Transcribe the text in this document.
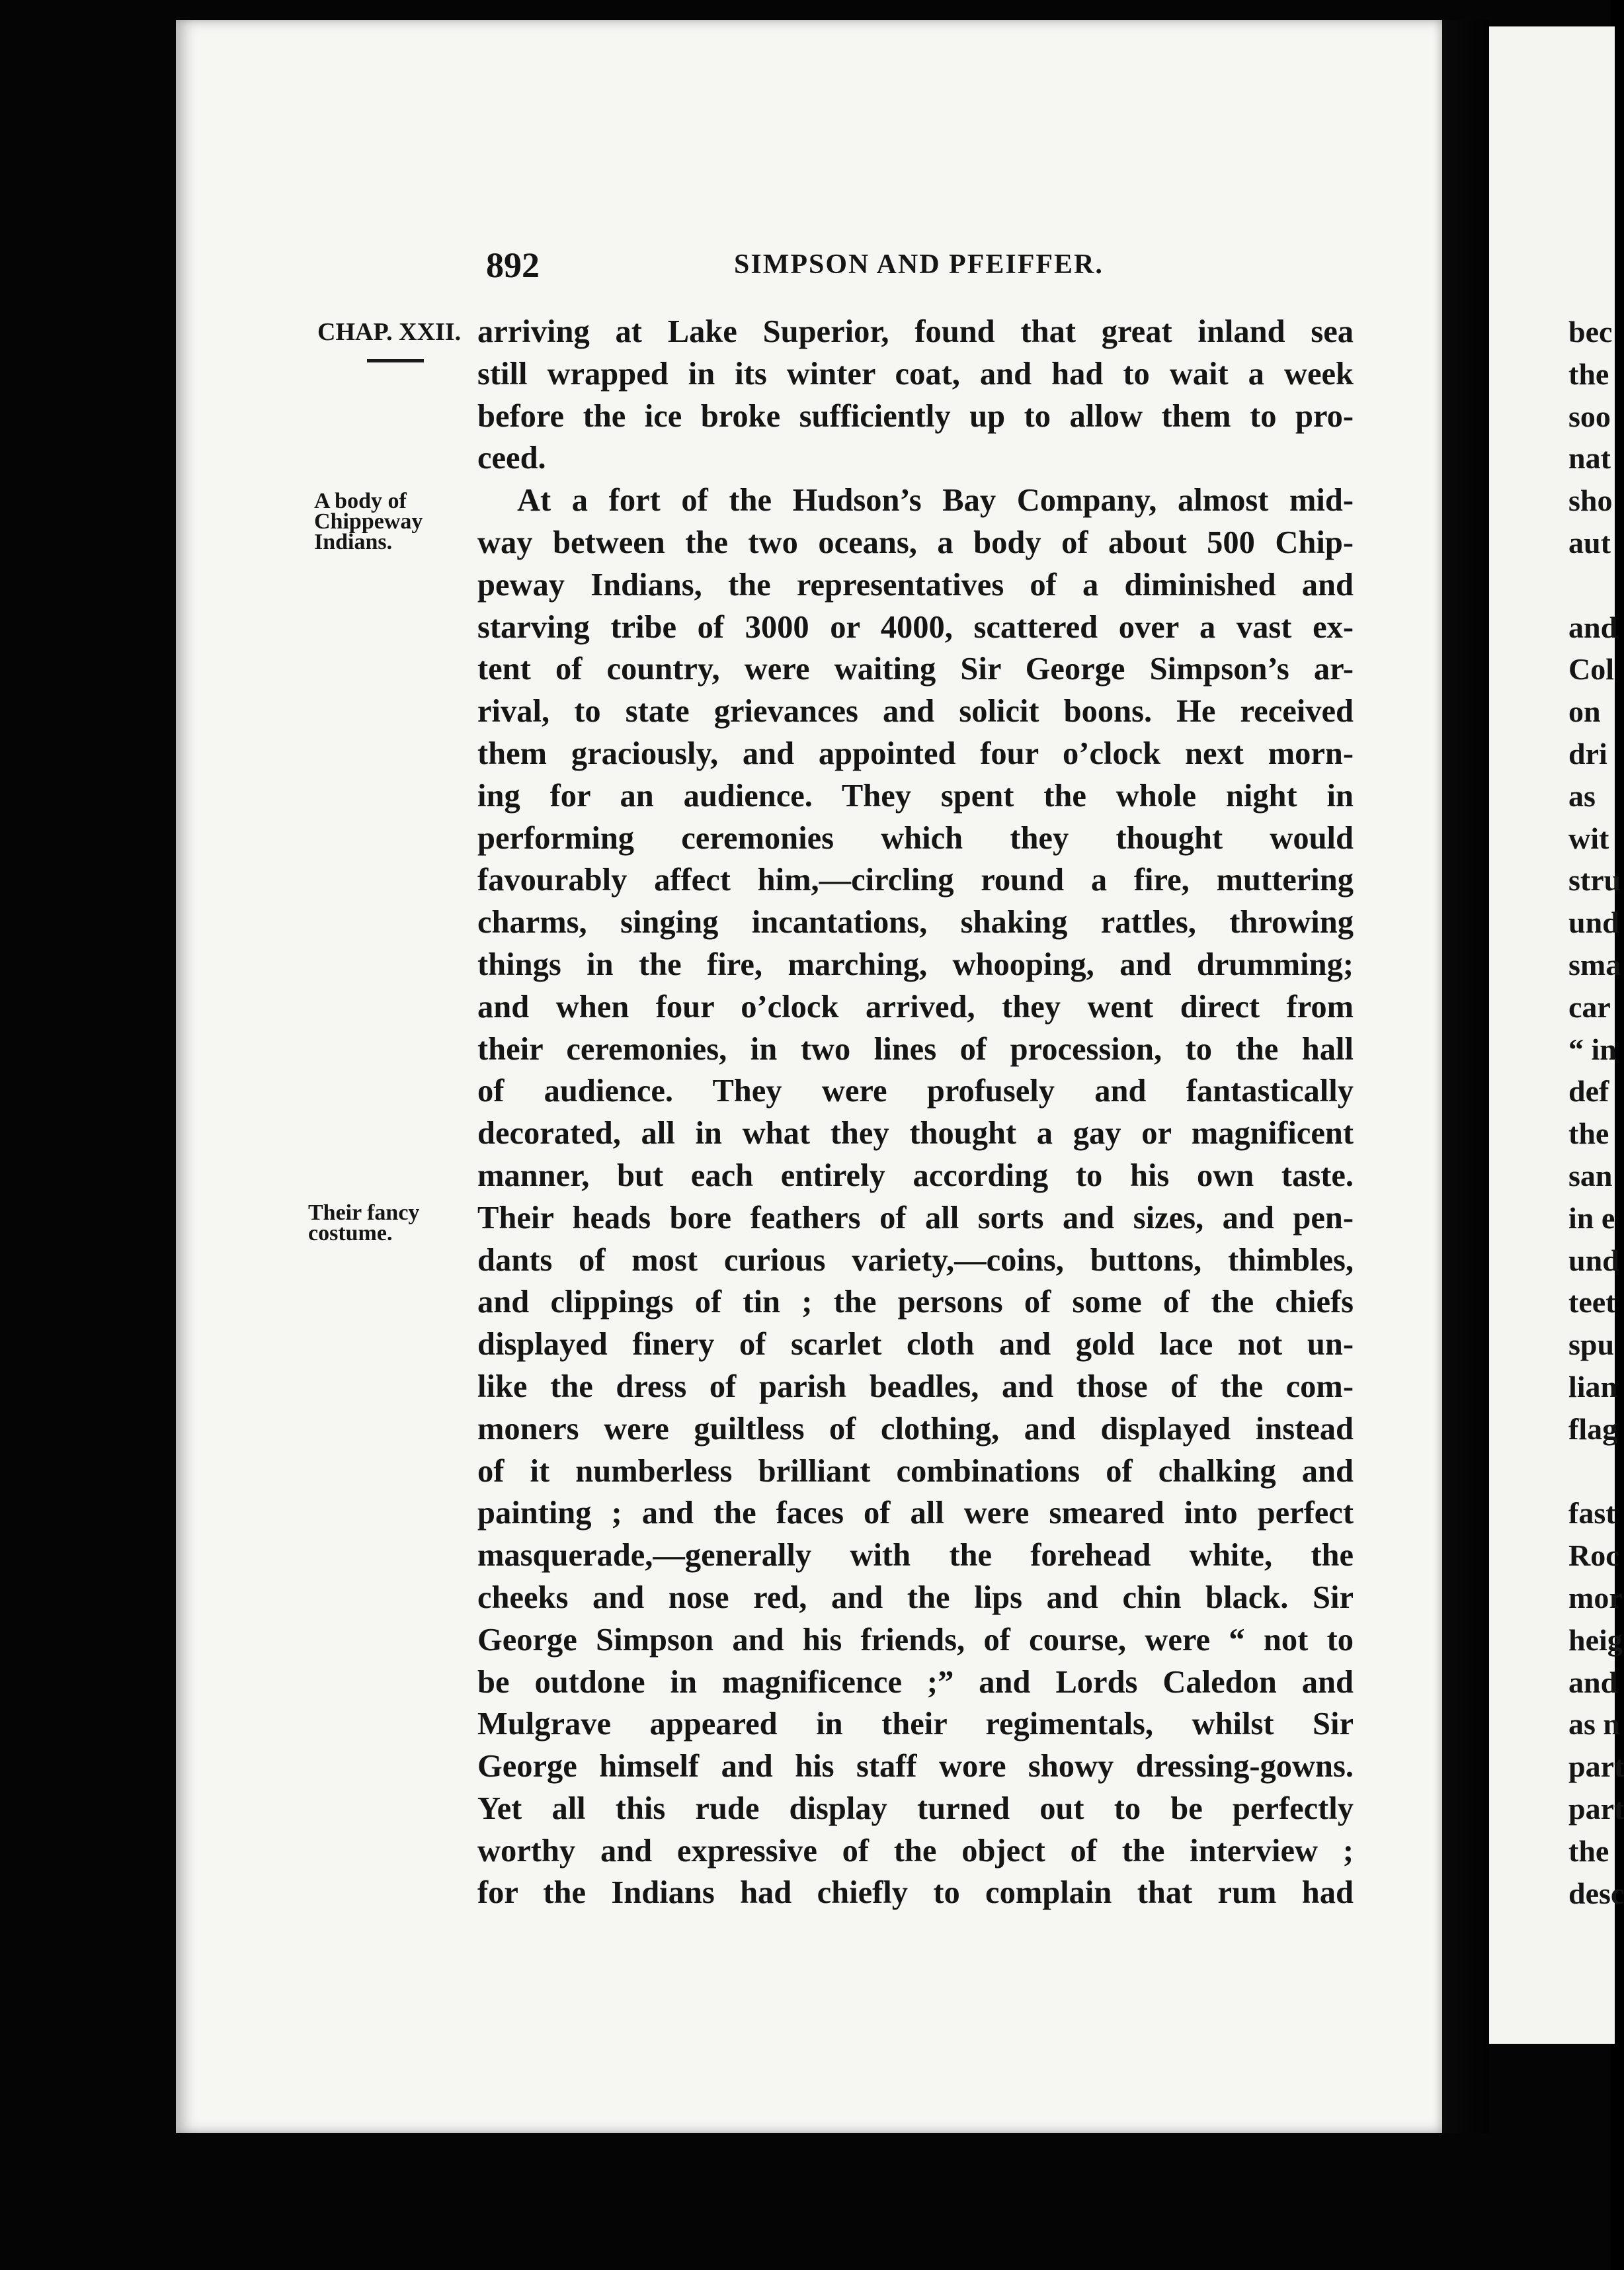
892	SIMPSON AND PFEIFFER.
CHAP. XXII.
A body of
Chippeway
Indians.
Their fancy
costume.
arriving at Lake Superior, found that great inland sea
still wrapped in its winter coat, and had to wait a week
before the ice broke sufficiently up to allow them to pro-
ceed.
At a fort of the Hudson’s Bay Company, almost mid-
way between the two oceans, a body of about 500 Chip-
peway Indians, the representatives of a diminished and
starving tribe of 3000 or 4000, scattered over a vast ex-
tent of country, were waiting Sir George Simpson’s ar-
rival, to state grievances and solicit boons. He received
them graciously, and appointed four o’clock next morn-
ing for an audience. They spent the whole night in
performing ceremonies which they thought would
favourably affect him,—circling round a fire, muttering
charms, singing incantations, shaking rattles, throwing
things in the fire, marching, whooping, and drumming;
and when four o’clock arrived, they went direct from
their ceremonies, in two lines of procession, to the hall
of audience. They were profusely and fantastically
decorated, all in what they thought a gay or magnificent
manner, but each entirely according to his own taste.
Their heads bore feathers of all sorts and sizes, and pen-
dants of most curious variety,—coins, buttons, thimbles,
and clippings of tin ; the persons of some of the chiefs
displayed finery of scarlet cloth and gold lace not un-
like the dress of parish beadles, and those of the com-
moners were guiltless of clothing, and displayed instead
of it numberless brilliant combinations of chalking and
painting ; and the faces of all were smeared into perfect
masquerade,—generally with the forehead white, the
cheeks and nose red, and the lips and chin black. Sir
George Simpson and his friends, of course, were “ not to
be outdone in magnificence ;” and Lords Caledon and
Mulgrave appeared in their regimentals, whilst Sir
George himself and his staff wore showy dressing-gowns.
Yet all this rude display turned out to be perfectly
worthy and expressive of the object of the interview ;
for the Indians had chiefly to complain that rum had
bec
the
soo
nat
sho
aut
and
Col
on
dri
as
wit
stru
und
sma
car
“ in
def
the
san
in e
und
teet
spu
lian
flag
fast
Roc
mor
heig
and
as n
part
part
the
desc
